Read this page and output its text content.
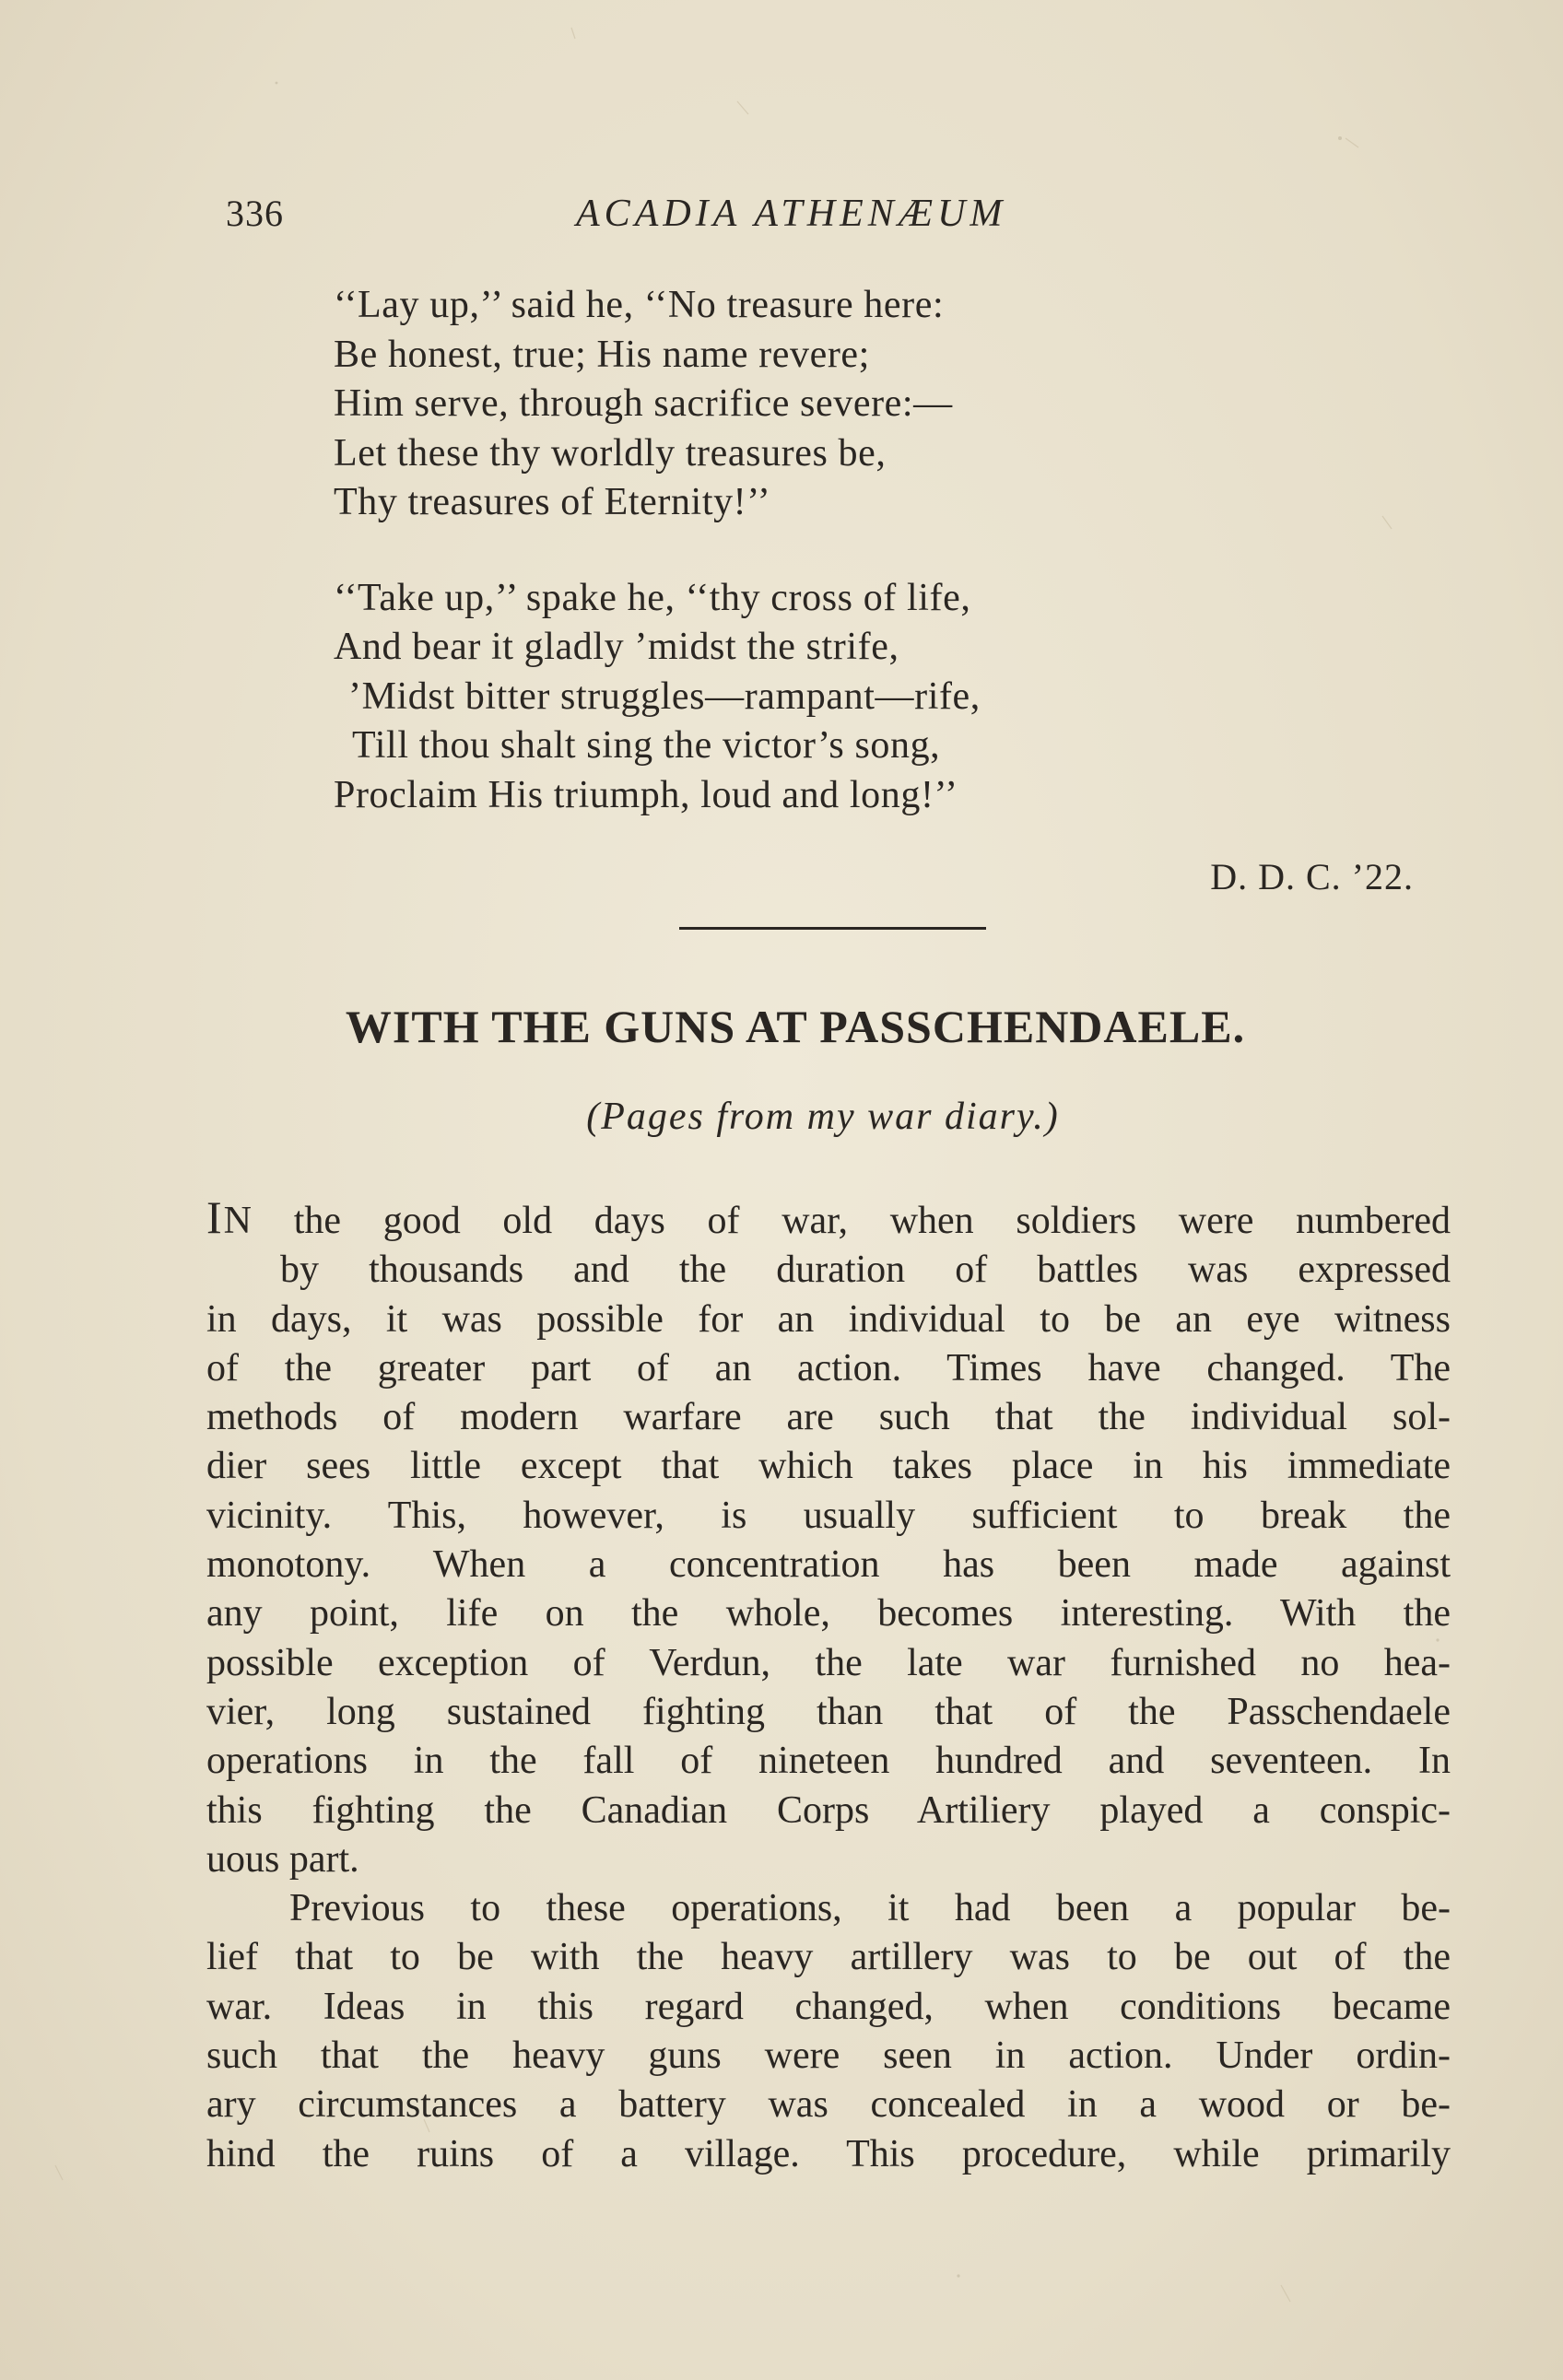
336	ACADIA ATHENÆUM
‘‘Lay up,’’ said he, ‘‘No treasure here:
Be honest, true; His name revere;
Him serve, through sacrifice severe:—
Let these thy worldly treasures be,
Thy treasures of Eternity!’’
‘‘Take up,’’ spake he, ‘‘thy cross of life,
And bear it gladly ’midst the strife,
’Midst bitter struggles—rampant—rife,
Till thou shalt sing the victor’s song,
Proclaim His triumph, loud and long!’’
D. D. C. ’22.
WITH THE GUNS AT PASSCHENDAELE.
(Pages from my war diary.)
IN the good old days of war, when soldiers were numbered
by thousands and the duration of battles was expressed
in days, it was possible for an individual to be an eye witness
of the greater part of an action. Times have changed. The
methods of modern warfare are such that the individual sol-
dier sees little except that which takes place in his immediate
vicinity. This, however, is usually sufficient to break the
monotony. When a concentration has been made against
any point, life on the whole, becomes interesting. With the
possible exception of Verdun, the late war furnished no hea-
vier, long sustained fighting than that of the Passchendaele
operations in the fall of nineteen hundred and seventeen. In
this fighting the Canadian Corps Artiliery played a conspic-
uous part.
Previous to these operations, it had been a popular be-
lief that to be with the heavy artillery was to be out of the
war. Ideas in this regard changed, when conditions became
such that the heavy guns were seen in action. Under ordin-
ary circumstances a battery was concealed in a wood or be-
hind the ruins of a village. This procedure, while primarily
